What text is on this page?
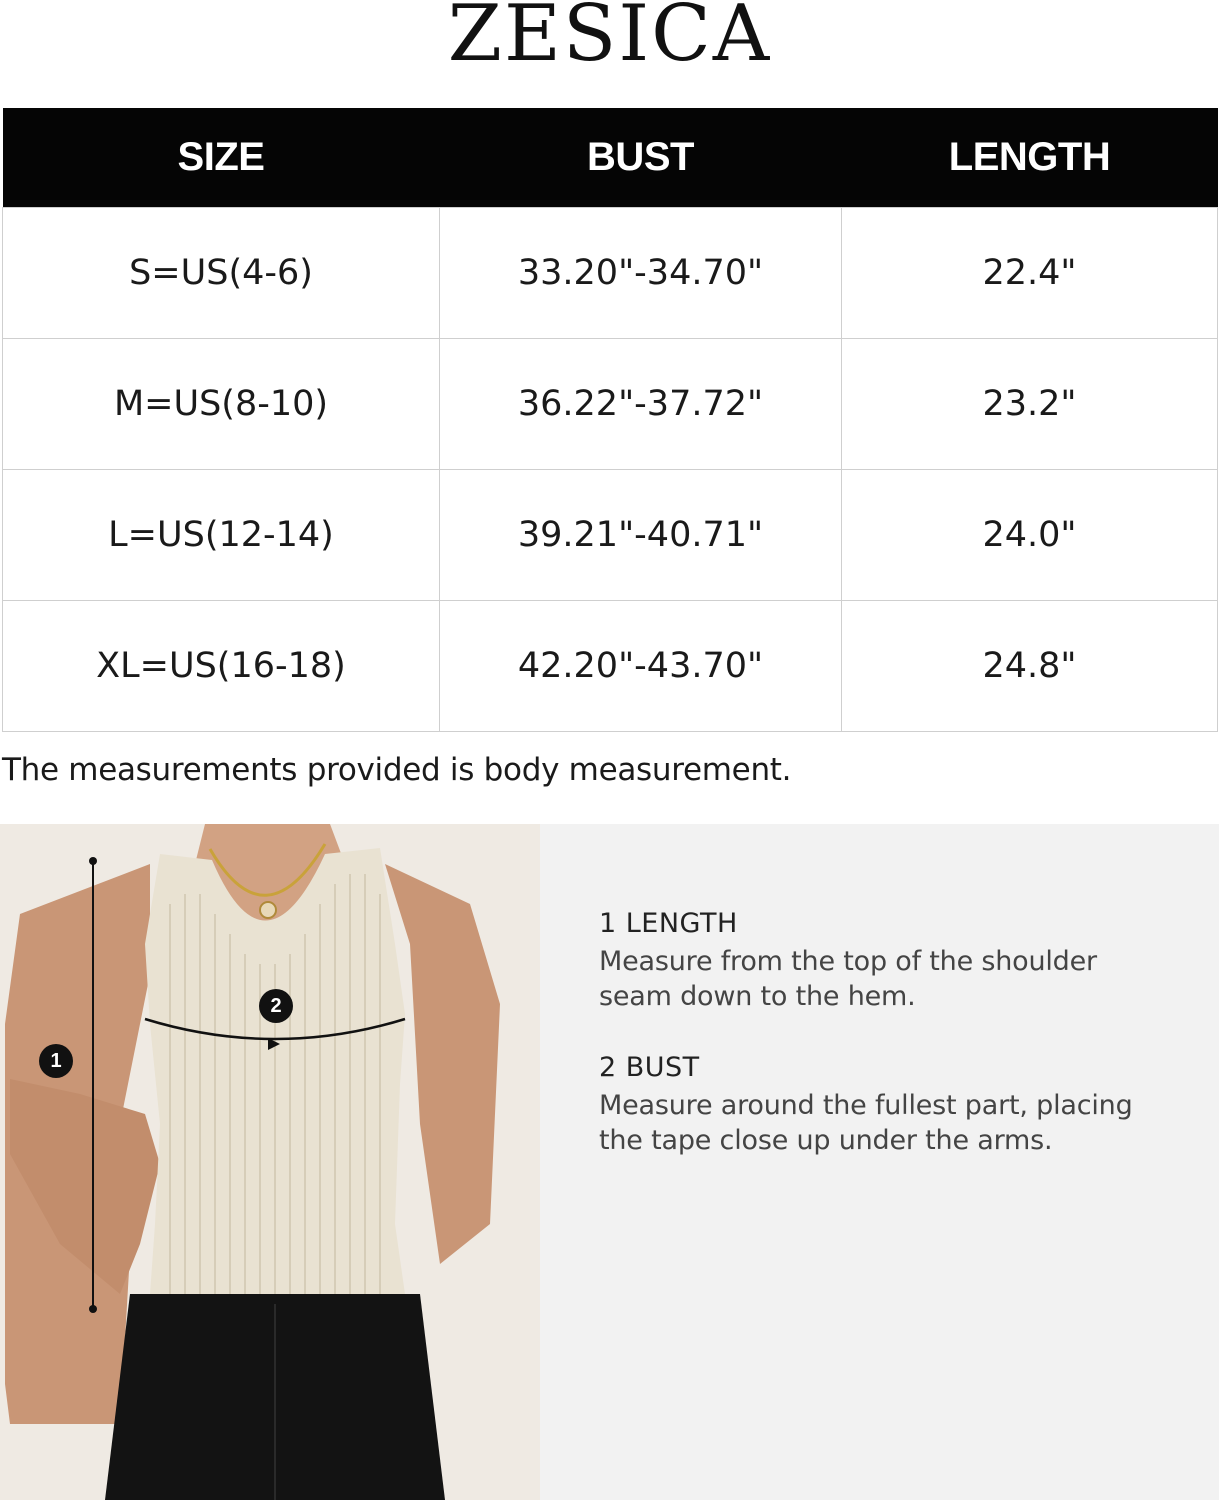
ZESICA
SIZE	BUST	LENGTH
S=US(4-6)	33.20"-34.70"	22.4"
M=US(8-10)	36.22"-37.72"	23.2"
L=US(12-14)	39.21"-40.71"	24.0"
XL=US(16-18)	42.20"-43.70"	24.8"
The measurements provided is body measurement.
1
2
1 LENGTH
Measure from the top of the shoulder
seam down to the hem.
2 BUST
Measure around the fullest part, placing
the tape close up under the arms.
